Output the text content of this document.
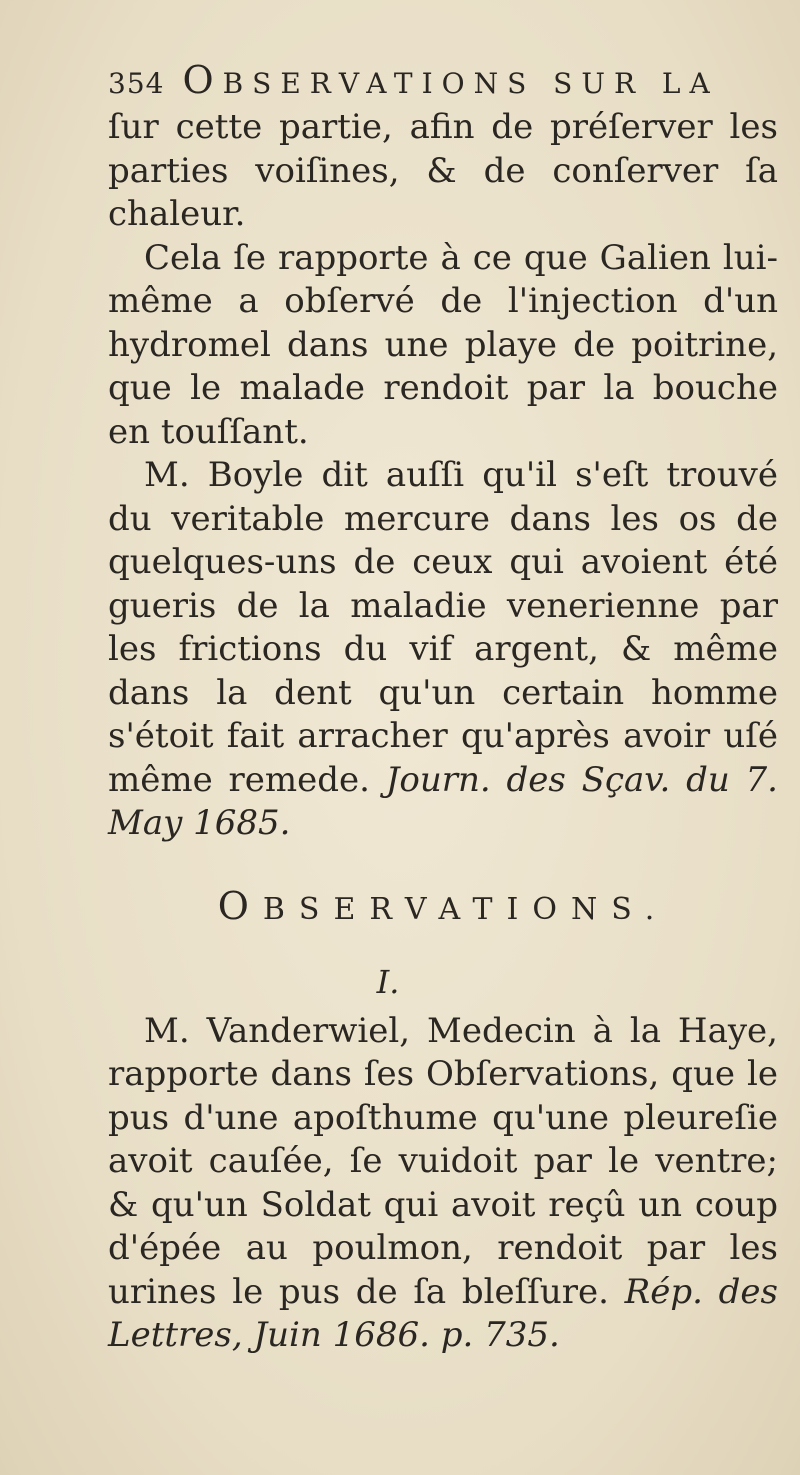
354 OBSERVATIONS SUR LA

ſur cette partie, afin de préſerver les parties voiſines, & de conſerver ſa chaleur.

Cela ſe rapporte à ce que Galien lui-même a obſervé de l'injection d'un hydromel dans une playe de poitrine, que le malade rendoit par la bouche en touſſant.

M. Boyle dit auſſi qu'il s'eſt trouvé du veritable mercure dans les os de quelques-uns de ceux qui avoient été gueris de la maladie venerienne par les frictions du vif argent, & même dans la dent qu'un certain homme s'étoit fait arracher qu'après avoir uſé même remede. Journ. des Sçav. du 7. May 1685.

OBSERVATIONS.
I.

M. Vanderwiel, Medecin à la Haye, rapporte dans ſes Obſervations, que le pus d'une apoſthume qu'une pleureſie avoit cauſée, ſe vuidoit par le ventre; & qu'un Soldat qui avoit reçû un coup d'épée au poulmon, rendoit par les urines le pus de ſa bleſſure. Rép. des Lettres, Juin 1686. p. 735.
